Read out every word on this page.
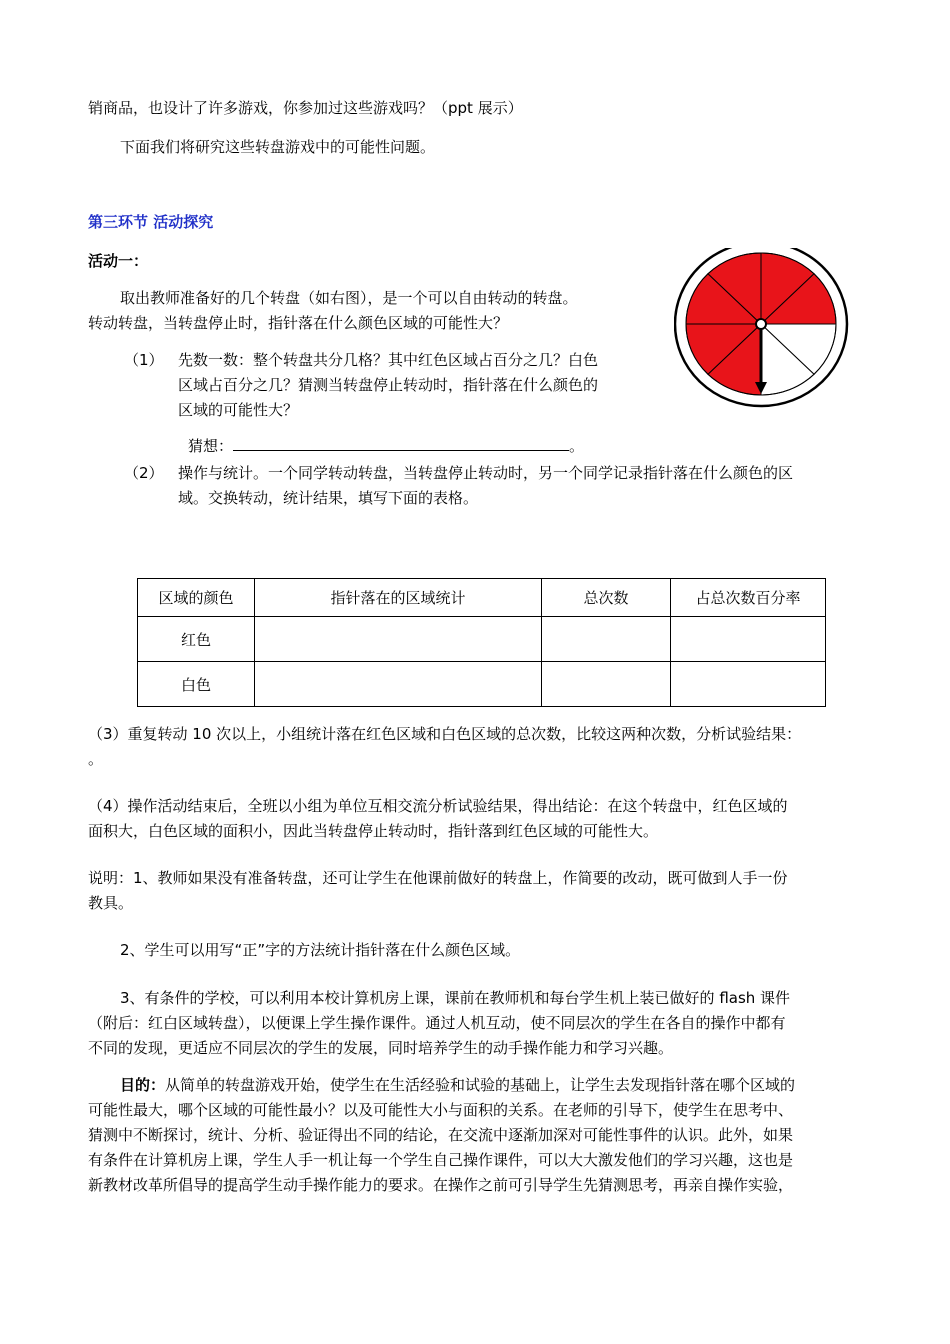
销商品，也设计了许多游戏，你参加过这些游戏吗？（ppt 展示）
下面我们将研究这些转盘游戏中的可能性问题。
第三环节 活动探究
活动一：
取出教师准备好的几个转盘（如右图），是一个可以自由转动的转盘。
转动转盘，当转盘停止时，指针落在什么颜色区域的可能性大？
（1） 先数一数：整个转盘共分几格？其中红色区域占百分之几？白色
区域占百分之几？猜测当转盘停止转动时，指针落在什么颜色的
区域的可能性大？
猜想：	。
（2） 操作与统计。一个同学转动转盘，当转盘停止转动时，另一个同学记录指针落在什么颜色的区
域。交换转动，统计结果，填写下面的表格。
区域的颜色	指针落在的区域统计	总次数	占总次数百分率
红色			
白色			
（3）重复转动 10 次以上，小组统计落在红色区域和白色区域的总次数，比较这两种次数，分析试验结果：
。
（4）操作活动结束后，全班以小组为单位互相交流分析试验结果，得出结论：在这个转盘中，红色区域的
面积大，白色区域的面积小，因此当转盘停止转动时，指针落到红色区域的可能性大。
说明：1、教师如果没有准备转盘，还可让学生在他课前做好的转盘上，作简要的改动，既可做到人手一份
教具。
2、学生可以用写“正”字的方法统计指针落在什么颜色区域。
3、有条件的学校，可以利用本校计算机房上课，课前在教师机和每台学生机上装已做好的 flash 课件
（附后：红白区域转盘），以便课上学生操作课件。通过人机互动，使不同层次的学生在各自的操作中都有
不同的发现，更适应不同层次的学生的发展，同时培养学生的动手操作能力和学习兴趣。
目的：从简单的转盘游戏开始，使学生在生活经验和试验的基础上，让学生去发现指针落在哪个区域的
可能性最大，哪个区域的可能性最小？以及可能性大小与面积的关系。在老师的引导下，使学生在思考中、
猜测中不断探讨，统计、分析、验证得出不同的结论，在交流中逐渐加深对可能性事件的认识。此外，如果
有条件在计算机房上课，学生人手一机让每一个学生自己操作课件，可以大大激发他们的学习兴趣，这也是
新教材改革所倡导的提高学生动手操作能力的要求。在操作之前可引导学生先猜测思考，再亲自操作实验，
